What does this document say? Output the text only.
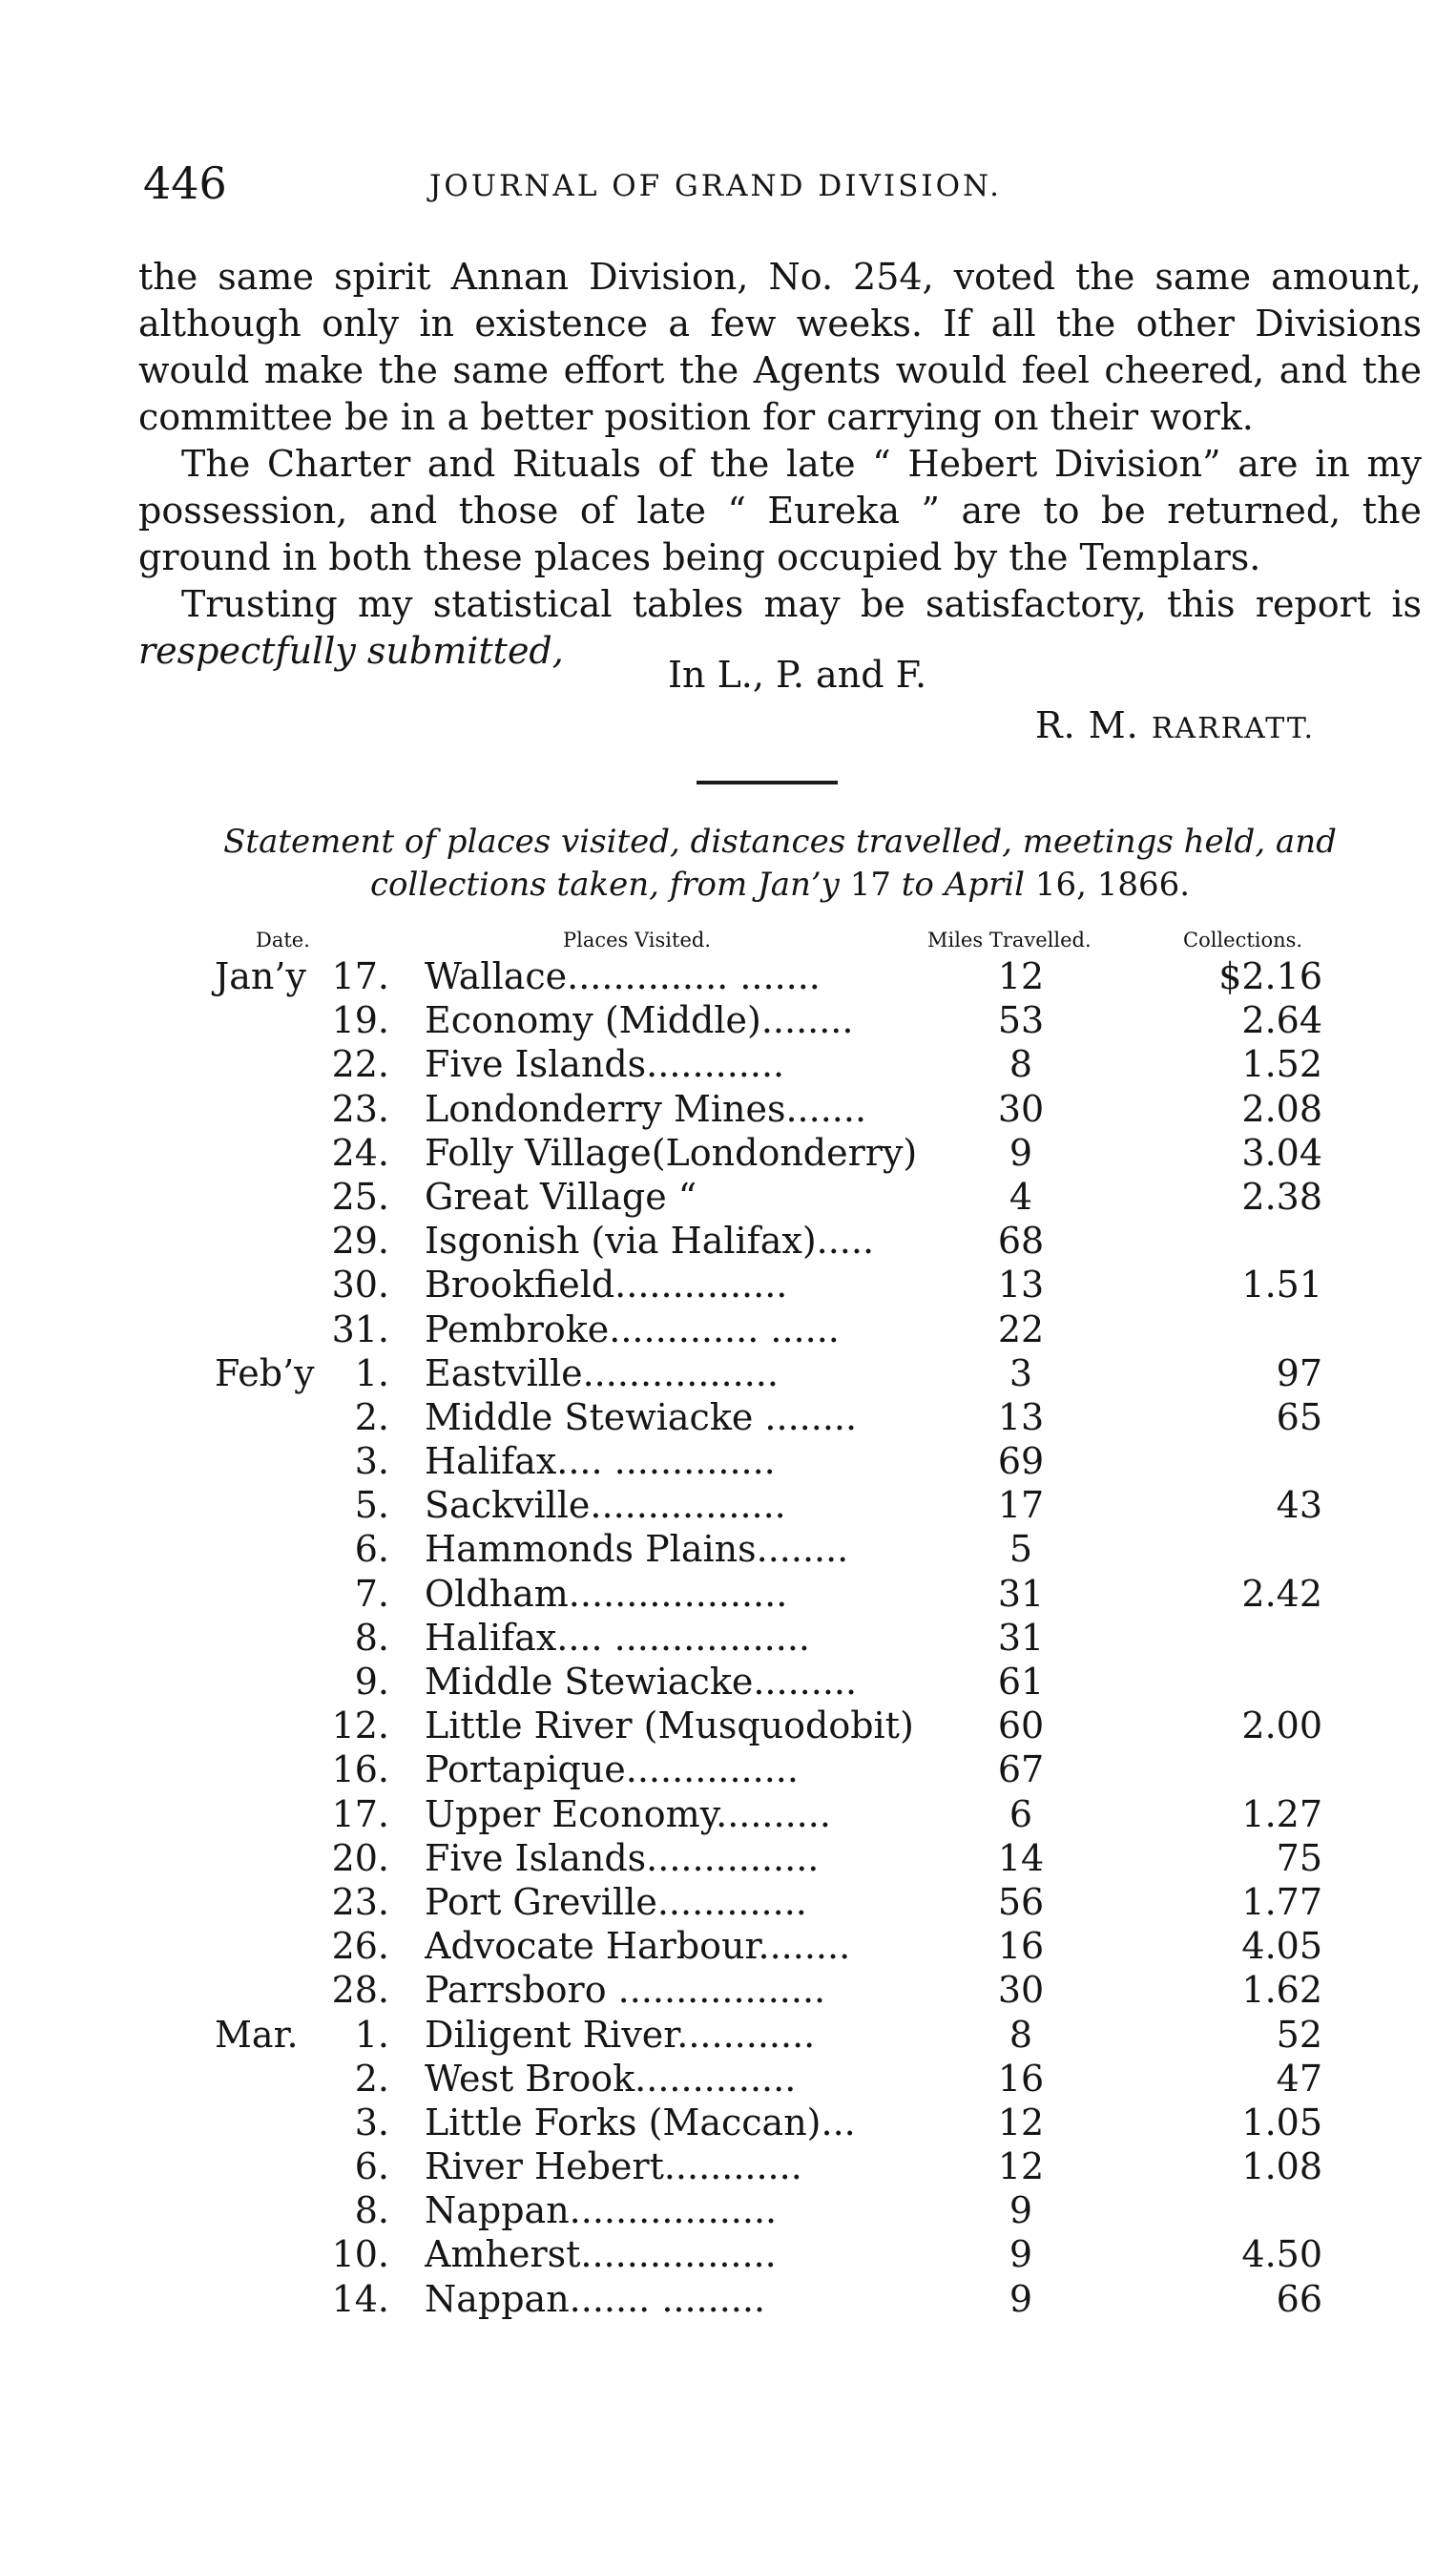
446	JOURNAL OF GRAND DIVISION.

the same spirit Annan Division, No. 254, voted the same amount, although only in existence a few weeks. If all the other Divisions would make the same effort the Agents would feel cheered, and the committee be in a better position for carrying on their work.

The Charter and Rituals of the late “ Hebert Division” are in my possession, and those of late “ Eureka ” are to be returned, the ground in both these places being occupied by the Templars.

Trusting my statistical tables may be satisfactory, this report is respectfully submitted,

In L., P. and F.
R. M. RARRATT.
Statement of places visited, distances travelled, meetings held, and collections taken, from Jan’y 17 to April 16, 1866.
Date.	Places Visited.	Miles Travelled.	Collections.
Jan’y 17. Wallace.............. .......	12	$2.16
19. Economy (Middle)........	53	2.64
22. Five Islands............	8	1.52
23. Londonderry Mines.......	30	2.08
24. Folly Village(Londonderry)	9	3.04
25. Great Village “	4	2.38
29. Isgonish (via Halifax).....	68
30. Brookfield...............	13	1.51
31. Pembroke............. ......	22
Feb’y 1. Eastville.................	3	97
2. Middle Stewiacke ........	13	65
3. Halifax.... ..............	69
5. Sackville.................	17	43
6. Hammonds Plains........	5
7. Oldham...................	31	2.42
8. Halifax.... .................	31
9. Middle Stewiacke.........	61
12. Little River (Musquodobit)	60	2.00
16. Portapique...............	67
17. Upper Economy..........	6	1.27
20. Five Islands...............	14	75
23. Port Greville.............	56	1.77
26. Advocate Harbour........	16	4.05
28. Parrsboro ..................	30	1.62
Mar. 1. Diligent River............	8	52
2. West Brook..............	16	47
3. Little Forks (Maccan)...	12	1.05
6. River Hebert............	12	1.08
8. Nappan..................	9
10. Amherst.................	9	4.50
14. Nappan....... .........	9	66
